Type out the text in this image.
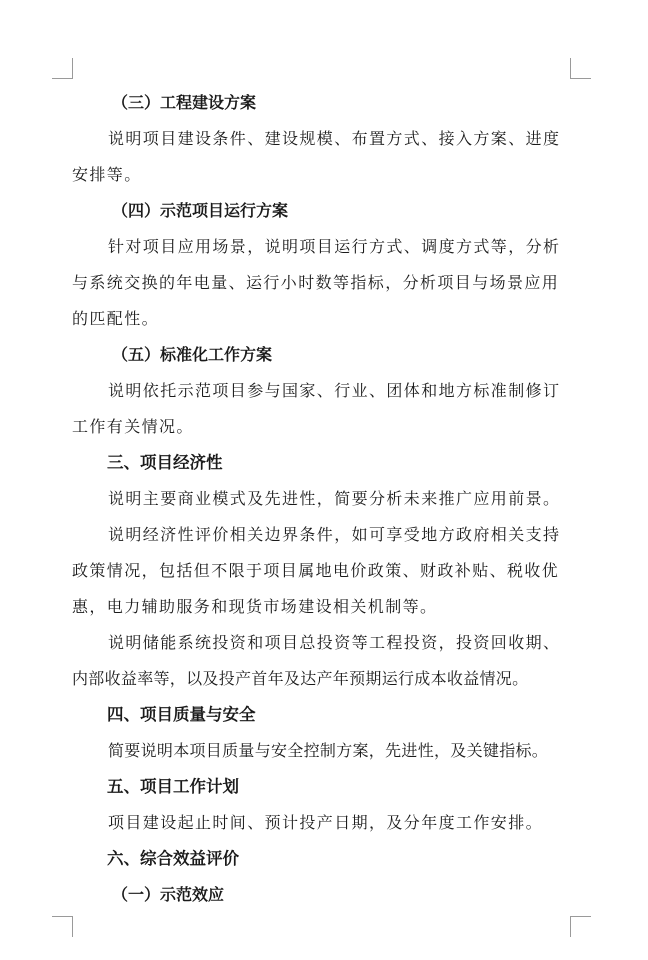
（三）工程建设方案
说明项目建设条件、建设规模、布置方式、接入方案、进度
安排等。
（四）示范项目运行方案
针对项目应用场景，说明项目运行方式、调度方式等，分析
与系统交换的年电量、运行小时数等指标，分析项目与场景应用
的匹配性。
（五）标准化工作方案
说明依托示范项目参与国家、行业、团体和地方标准制修订
工作有关情况。
三、项目经济性
说明主要商业模式及先进性，简要分析未来推广应用前景。
说明经济性评价相关边界条件，如可享受地方政府相关支持
政策情况，包括但不限于项目属地电价政策、财政补贴、税收优
惠，电力辅助服务和现货市场建设相关机制等。
说明储能系统投资和项目总投资等工程投资，投资回收期、
内部收益率等，以及投产首年及达产年预期运行成本收益情况。
四、项目质量与安全
简要说明本项目质量与安全控制方案，先进性，及关键指标。
五、项目工作计划
项目建设起止时间、预计投产日期，及分年度工作安排。
六、综合效益评价
（一）示范效应
